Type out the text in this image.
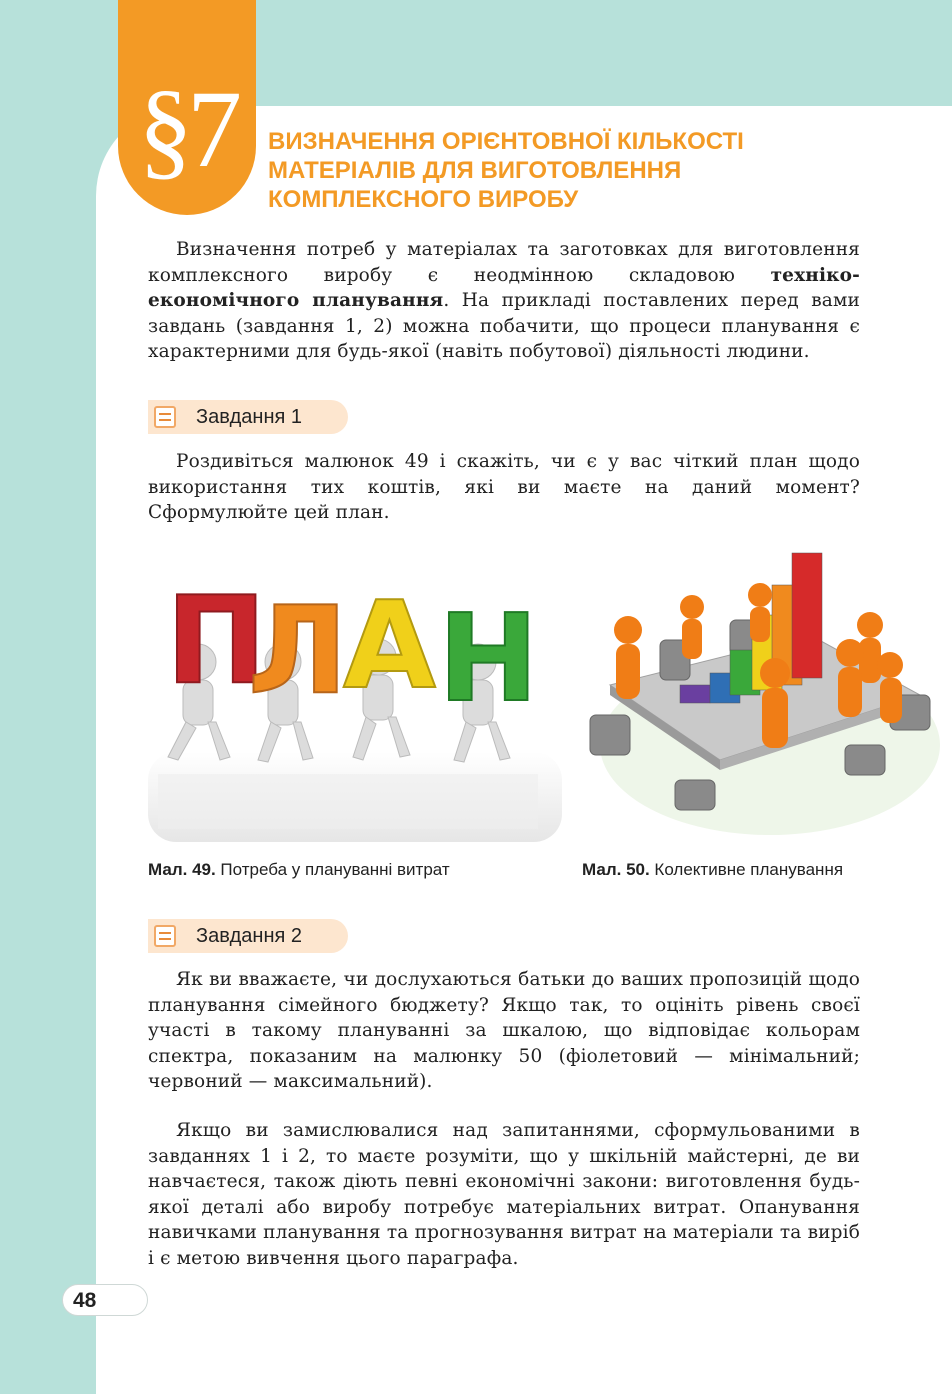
§7	ВИЗНАЧЕННЯ ОРІЄНТОВНОЇ КІЛЬКОСТІ
МАТЕРІАЛІВ ДЛЯ ВИГОТОВЛЕННЯ
КОМПЛЕКСНОГО ВИРОБУ

Визначення потреб у матеріалах та заготовках для виготовлення комплексного виробу є неодмінною складовою техніко-економічного планування. На прикладі поставлених перед вами завдань (завдання 1, 2) можна побачити, що процеси планування є характерними для будь-якої (навіть побутової) діяльності людини.

Завдання 1

Роздивіться малюнок 49 і скажіть, чи є у вас чіткий план щодо використання тих коштів, які ви маєте на даний момент? Сформулюйте цей план.

П
Л
А Н
Мал. 49. Потреба у плануванні витрат	Мал. 50. Колективне планування
Завдання 2

Як ви вважаєте, чи дослухаються батьки до ваших пропозицій щодо планування сімейного бюджету? Якщо так, то оцініть рівень своєї участі в такому плануванні за шкалою, що відповідає кольорам спектра, показаним на малюнку 50 (фіолетовий — мінімальний; червоний — максимальний).

Якщо ви замислювалися над запитаннями, сформульованими в завданнях 1 і 2, то маєте розуміти, що у шкільній майстерні, де ви навчаєтеся, також діють певні економічні закони: виготовлення будь-якої деталі або виробу потребує матеріальних витрат. Опанування навичками планування та прогнозування витрат на матеріали та виріб і є метою вивчення цього параграфа.

48
